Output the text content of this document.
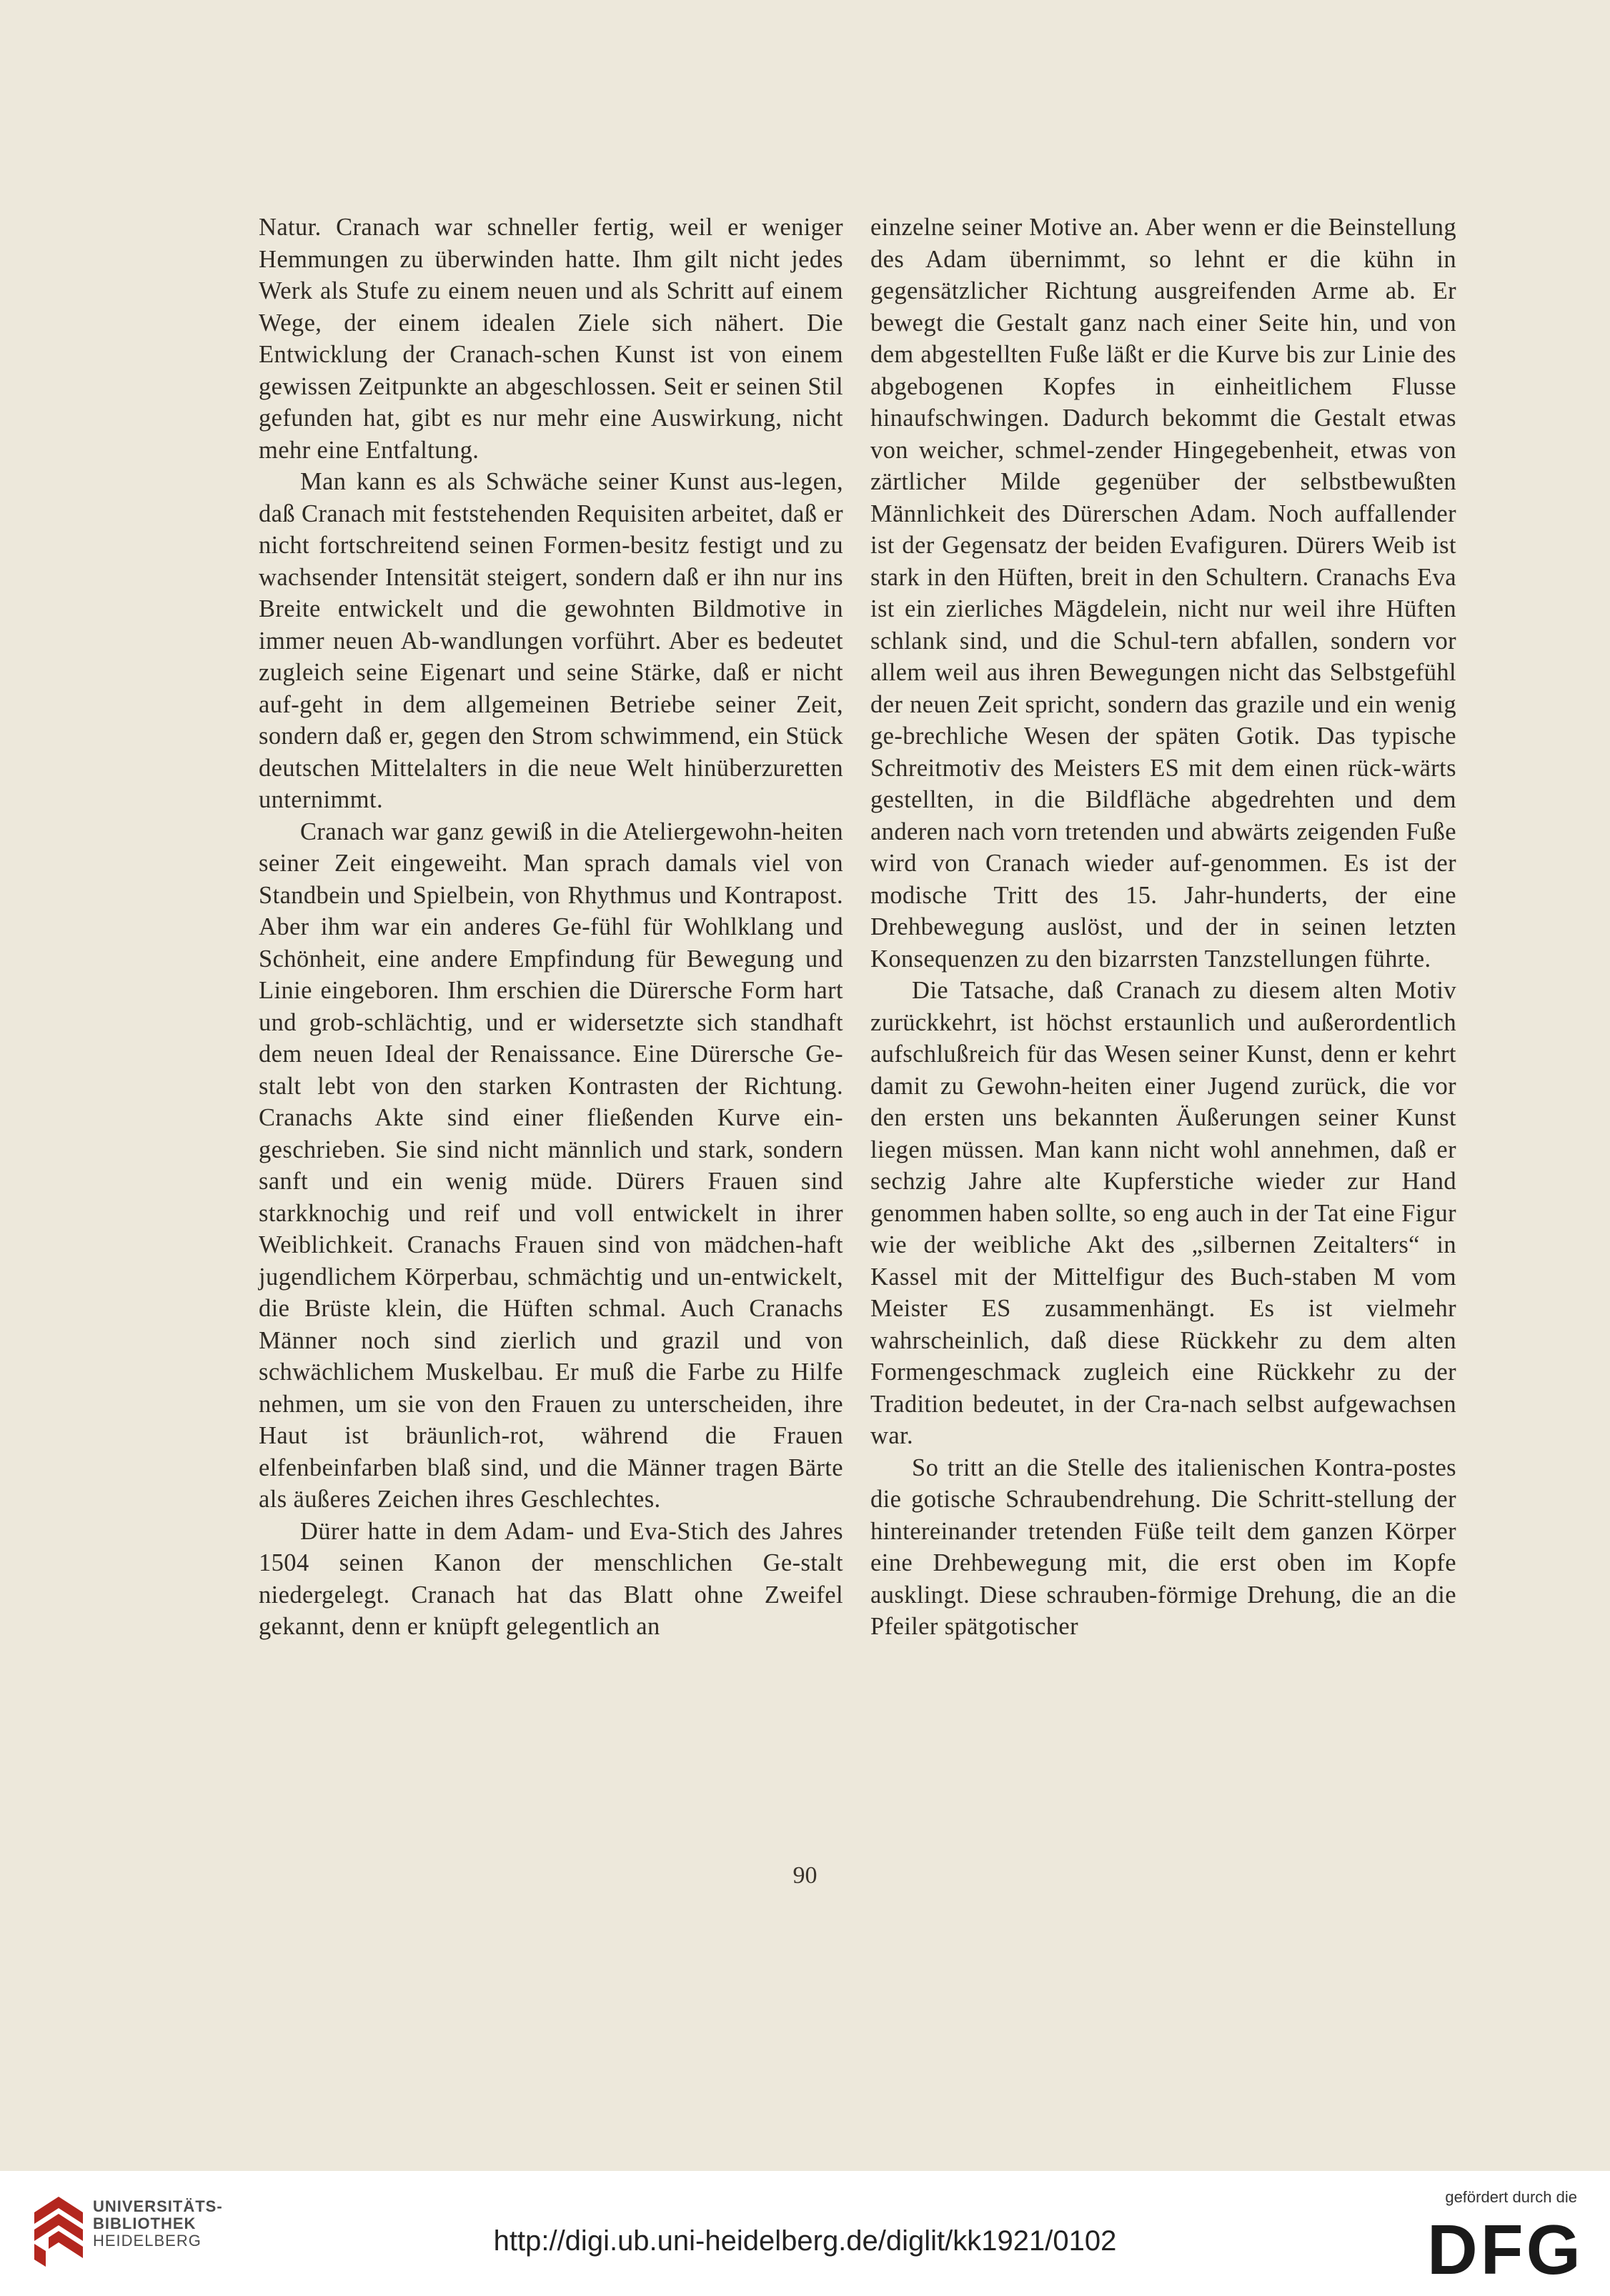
Natur. Cranach war schneller fertig, weil er weniger Hemmungen zu überwinden hatte. Ihm gilt nicht jedes Werk als Stufe zu einem neuen und als Schritt auf einem Wege, der einem idealen Ziele sich nähert. Die Entwicklung der Cranach-schen Kunst ist von einem gewissen Zeitpunkte an abgeschlossen. Seit er seinen Stil gefunden hat, gibt es nur mehr eine Auswirkung, nicht mehr eine Entfaltung.

Man kann es als Schwäche seiner Kunst aus-legen, daß Cranach mit feststehenden Requisiten arbeitet, daß er nicht fortschreitend seinen Formen-besitz festigt und zu wachsender Intensität steigert, sondern daß er ihn nur ins Breite entwickelt und die gewohnten Bildmotive in immer neuen Ab-wandlungen vorführt. Aber es bedeutet zugleich seine Eigenart und seine Stärke, daß er nicht auf-geht in dem allgemeinen Betriebe seiner Zeit, sondern daß er, gegen den Strom schwimmend, ein Stück deutschen Mittelalters in die neue Welt hinüberzuretten unternimmt.

Cranach war ganz gewiß in die Ateliergewohn-heiten seiner Zeit eingeweiht. Man sprach damals viel von Standbein und Spielbein, von Rhythmus und Kontrapost. Aber ihm war ein anderes Ge-fühl für Wohlklang und Schönheit, eine andere Empfindung für Bewegung und Linie eingeboren. Ihm erschien die Dürersche Form hart und grob-schlächtig, und er widersetzte sich standhaft dem neuen Ideal der Renaissance. Eine Dürersche Ge-stalt lebt von den starken Kontrasten der Richtung. Cranachs Akte sind einer fließenden Kurve ein-geschrieben. Sie sind nicht männlich und stark, sondern sanft und ein wenig müde. Dürers Frauen sind starkknochig und reif und voll entwickelt in ihrer Weiblichkeit. Cranachs Frauen sind von mädchen-haft jugendlichem Körperbau, schmächtig und un-entwickelt, die Brüste klein, die Hüften schmal. Auch Cranachs Männer noch sind zierlich und grazil und von schwächlichem Muskelbau. Er muß die Farbe zu Hilfe nehmen, um sie von den Frauen zu unterscheiden, ihre Haut ist bräunlich-rot, während die Frauen elfenbeinfarben blaß sind, und die Männer tragen Bärte als äußeres Zeichen ihres Geschlechtes.

Dürer hatte in dem Adam- und Eva-Stich des Jahres 1504 seinen Kanon der menschlichen Ge-stalt niedergelegt. Cranach hat das Blatt ohne Zweifel gekannt, denn er knüpft gelegentlich an

einzelne seiner Motive an. Aber wenn er die Beinstellung des Adam übernimmt, so lehnt er die kühn in gegensätzlicher Richtung ausgreifenden Arme ab. Er bewegt die Gestalt ganz nach einer Seite hin, und von dem abgestellten Fuße läßt er die Kurve bis zur Linie des abgebogenen Kopfes in einheitlichem Flusse hinaufschwingen. Dadurch bekommt die Gestalt etwas von weicher, schmel-zender Hingegebenheit, etwas von zärtlicher Milde gegenüber der selbstbewußten Männlichkeit des Dürerschen Adam. Noch auffallender ist der Gegensatz der beiden Evafiguren. Dürers Weib ist stark in den Hüften, breit in den Schultern. Cranachs Eva ist ein zierliches Mägdelein, nicht nur weil ihre Hüften schlank sind, und die Schul-tern abfallen, sondern vor allem weil aus ihren Bewegungen nicht das Selbstgefühl der neuen Zeit spricht, sondern das grazile und ein wenig ge-brechliche Wesen der späten Gotik. Das typische Schreitmotiv des Meisters ES mit dem einen rück-wärts gestellten, in die Bildfläche abgedrehten und dem anderen nach vorn tretenden und abwärts zeigenden Fuße wird von Cranach wieder auf-genommen. Es ist der modische Tritt des 15. Jahr-hunderts, der eine Drehbewegung auslöst, und der in seinen letzten Konsequenzen zu den bizarrsten Tanzstellungen führte.

Die Tatsache, daß Cranach zu diesem alten Motiv zurückkehrt, ist höchst erstaunlich und außerordentlich aufschlußreich für das Wesen seiner Kunst, denn er kehrt damit zu Gewohn-heiten einer Jugend zurück, die vor den ersten uns bekannten Äußerungen seiner Kunst liegen müssen. Man kann nicht wohl annehmen, daß er sechzig Jahre alte Kupferstiche wieder zur Hand genommen haben sollte, so eng auch in der Tat eine Figur wie der weibliche Akt des „silbernen Zeitalters“ in Kassel mit der Mittelfigur des Buch-staben M vom Meister ES zusammenhängt. Es ist vielmehr wahrscheinlich, daß diese Rückkehr zu dem alten Formengeschmack zugleich eine Rückkehr zu der Tradition bedeutet, in der Cra-nach selbst aufgewachsen war.

So tritt an die Stelle des italienischen Kontra-postes die gotische Schraubendrehung. Die Schritt-stellung der hintereinander tretenden Füße teilt dem ganzen Körper eine Drehbewegung mit, die erst oben im Kopfe ausklingt. Diese schrauben-förmige Drehung, die an die Pfeiler spätgotischer

90
UNIVERSITÄTS-
BIBLIOTHEK
HEIDELBERG	http://digi.ub.uni-heidelberg.de/diglit/kk1921/0102
gefördert durch die
DFG
